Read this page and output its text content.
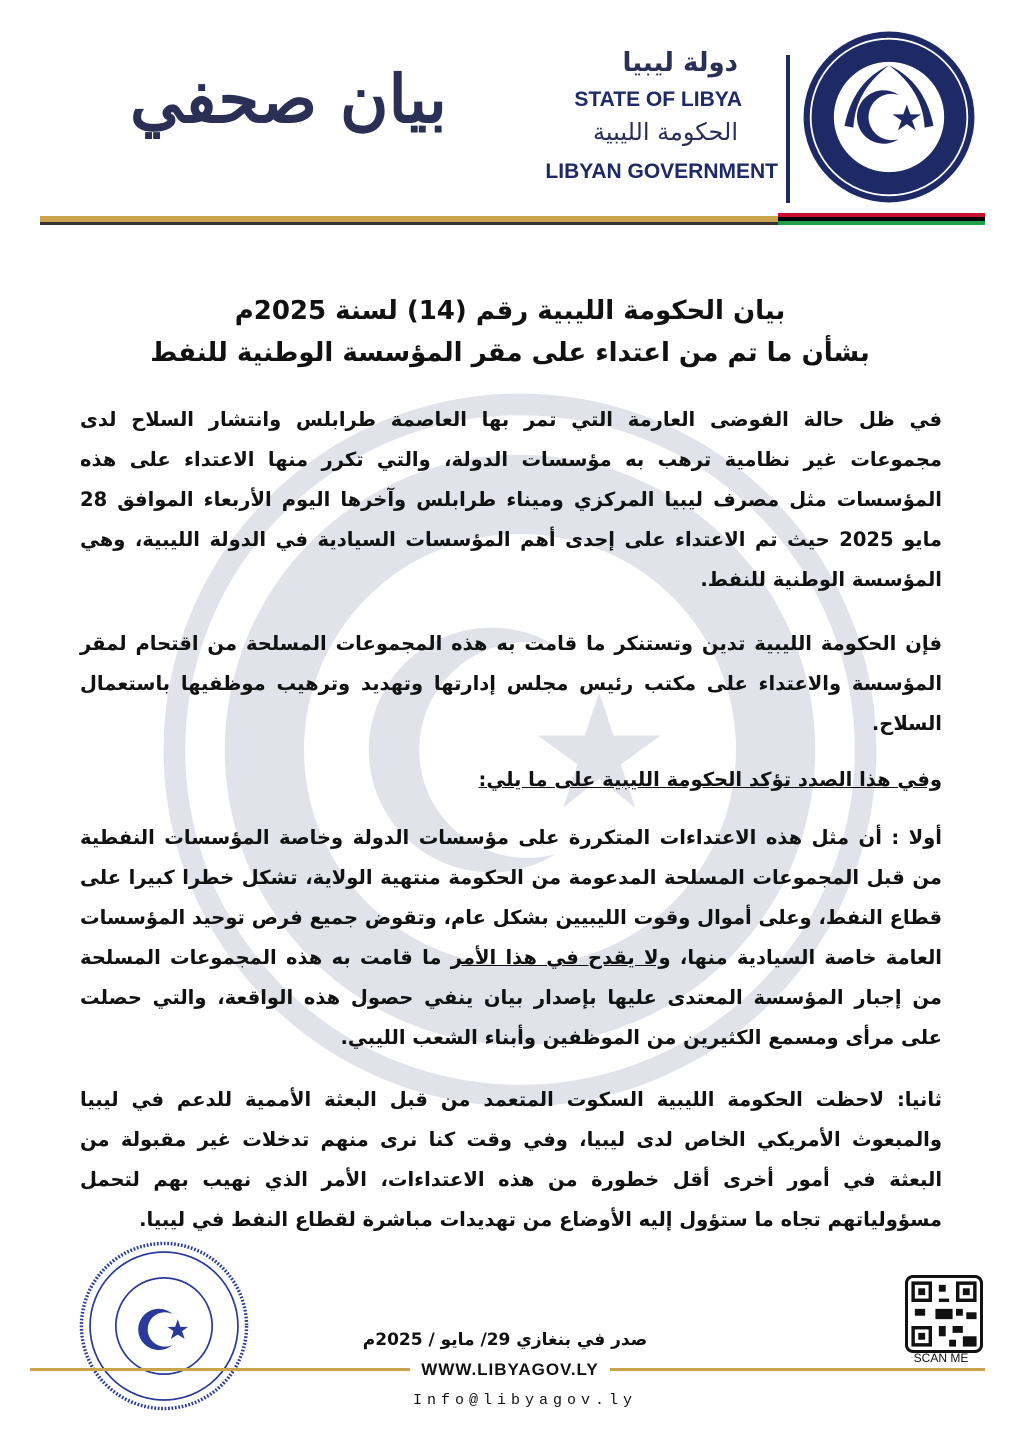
دولة ليبيا
STATE OF LIBYA
الحكومة الليبية
LIBYAN GOVERNMENT
بيان صحفي
بيان الحكومة الليبية رقم (14) لسنة 2025م
بشأن ما تم من اعتداء على مقر المؤسسة الوطنية للنفط
في ظل حالة الفوضى العارمة التي تمر بها العاصمة طرابلس وانتشار السلاح لدى مجموعات غير نظامية ترهب به مؤسسات الدولة، والتي تكرر منها الاعتداء على هذه المؤسسات مثل مصرف ليبيا المركزي وميناء طرابلس وآخرها اليوم الأربعاء الموافق 28 مايو 2025 حيث تم الاعتداء على إحدى أهم المؤسسات السيادية في الدولة الليبية، وهي المؤسسة الوطنية للنفط.
فإن الحكومة الليبية تدين وتستنكر ما قامت به هذه المجموعات المسلحة من اقتحام لمقر المؤسسة والاعتداء على مكتب رئيس مجلس إدارتها وتهديد وترهيب موظفيها باستعمال السلاح.
وفي هذا الصدد تؤكد الحكومة الليبية على ما يلي:
أولا : أن مثل هذه الاعتداءات المتكررة على مؤسسات الدولة وخاصة المؤسسات النفطية من قبل المجموعات المسلحة المدعومة من الحكومة منتهية الولاية، تشكل خطرا كبيرا على قطاع النفط، وعلى أموال وقوت الليبيين بشكل عام، وتقوض جميع فرص توحيد المؤسسات العامة خاصة السيادية منها، ولا يقدح في هذا الأمر ما قامت به هذه المجموعات المسلحة من إجبار المؤسسة المعتدى عليها بإصدار بيان ينفي حصول هذه الواقعة، والتي حصلت على مرأى ومسمع الكثيرين من الموظفين وأبناء الشعب الليبي.
ثانيا: لاحظت الحكومة الليبية السكوت المتعمد من قبل البعثة الأممية للدعم في ليبيا والمبعوث الأمريكي الخاص لدى ليبيا، وفي وقت كنا نرى منهم تدخلات غير مقبولة من البعثة في أمور أخرى أقل خطورة من هذه الاعتداءات، الأمر الذي نهيب بهم لتحمل مسؤولياتهم تجاه ما ستؤول إليه الأوضاع من تهديدات مباشرة لقطاع النفط في ليبيا.
صدر في بنغازي 29/ مايو / 2025م
SCAN ME
WWW.LIBYAGOV.LY
Info@libyagov.ly
